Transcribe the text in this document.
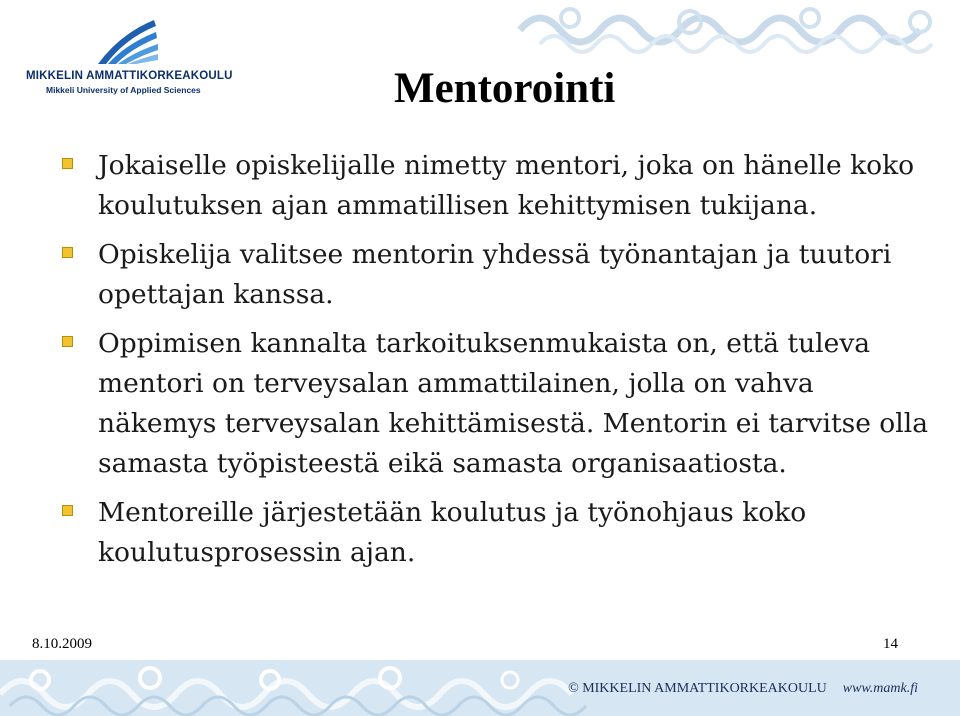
MIKKELIN AMMATTIKORKEAKOULU
Mikkeli University of Applied Sciences	Mentorointi
Jokaiselle opiskelijalle nimetty mentori, joka on hänelle koko koulutuksen ajan ammatillisen kehittymisen tukijana.
Opiskelija valitsee mentorin yhdessä työnantajan ja tuutori opettajan kanssa.
Oppimisen kannalta tarkoituksenmukaista on, että tuleva mentori on terveysalan ammattilainen, jolla on vahva näkemys terveysalan kehittämisestä. Mentorin ei tarvitse olla samasta työpisteestä eikä samasta organisaatiosta.
Mentoreille järjestetään koulutus ja työnohjaus koko koulutusprosessin ajan.
8.10.2009	14
© MIKKELIN AMMATTIKORKEAKOULU www.mamk.fi
